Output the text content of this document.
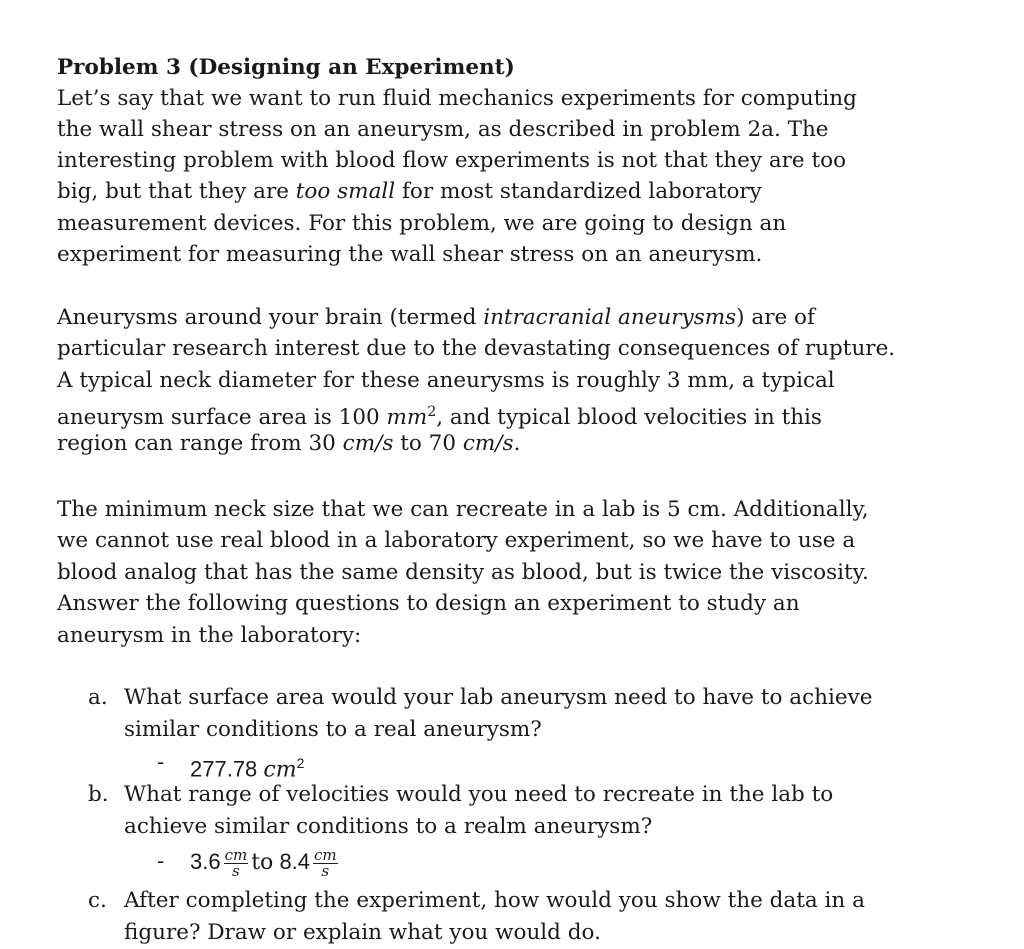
Problem 3 (Designing an Experiment)
Let’s say that we want to run fluid mechanics experiments for computing
the wall shear stress on an aneurysm, as described in problem 2a. The
interesting problem with blood flow experiments is not that they are too
big, but that they are too small for most standardized laboratory
measurement devices. For this problem, we are going to design an
experiment for measuring the wall shear stress on an aneurysm.
Aneurysms around your brain (termed intracranial aneurysms) are of
particular research interest due to the devastating consequences of rupture.
A typical neck diameter for these aneurysms is roughly 3 mm, a typical
aneurysm surface area is 100 $mm^2$, and typical blood velocities in this
region can range from 30 cm/s to 70 cm/s.
The minimum neck size that we can recreate in a lab is 5 cm. Additionally,
we cannot use real blood in a laboratory experiment, so we have to use a
blood analog that has the same density as blood, but is twice the viscosity.
Answer the following questions to design an experiment to study an
aneurysm in the laboratory:
a. What surface area would your lab aneurysm need to have to achieve
similar conditions to a real aneurysm?
- 277.78 $cm^2$
b. What range of velocities would you need to recreate in the lab to
achieve similar conditions to a realm aneurysm?
- $3.6 \frac{cm}{s}$ to $8.4 \frac{cm}{s}$
c. After completing the experiment, how would you show the data in a
figure? Draw or explain what you would do.
